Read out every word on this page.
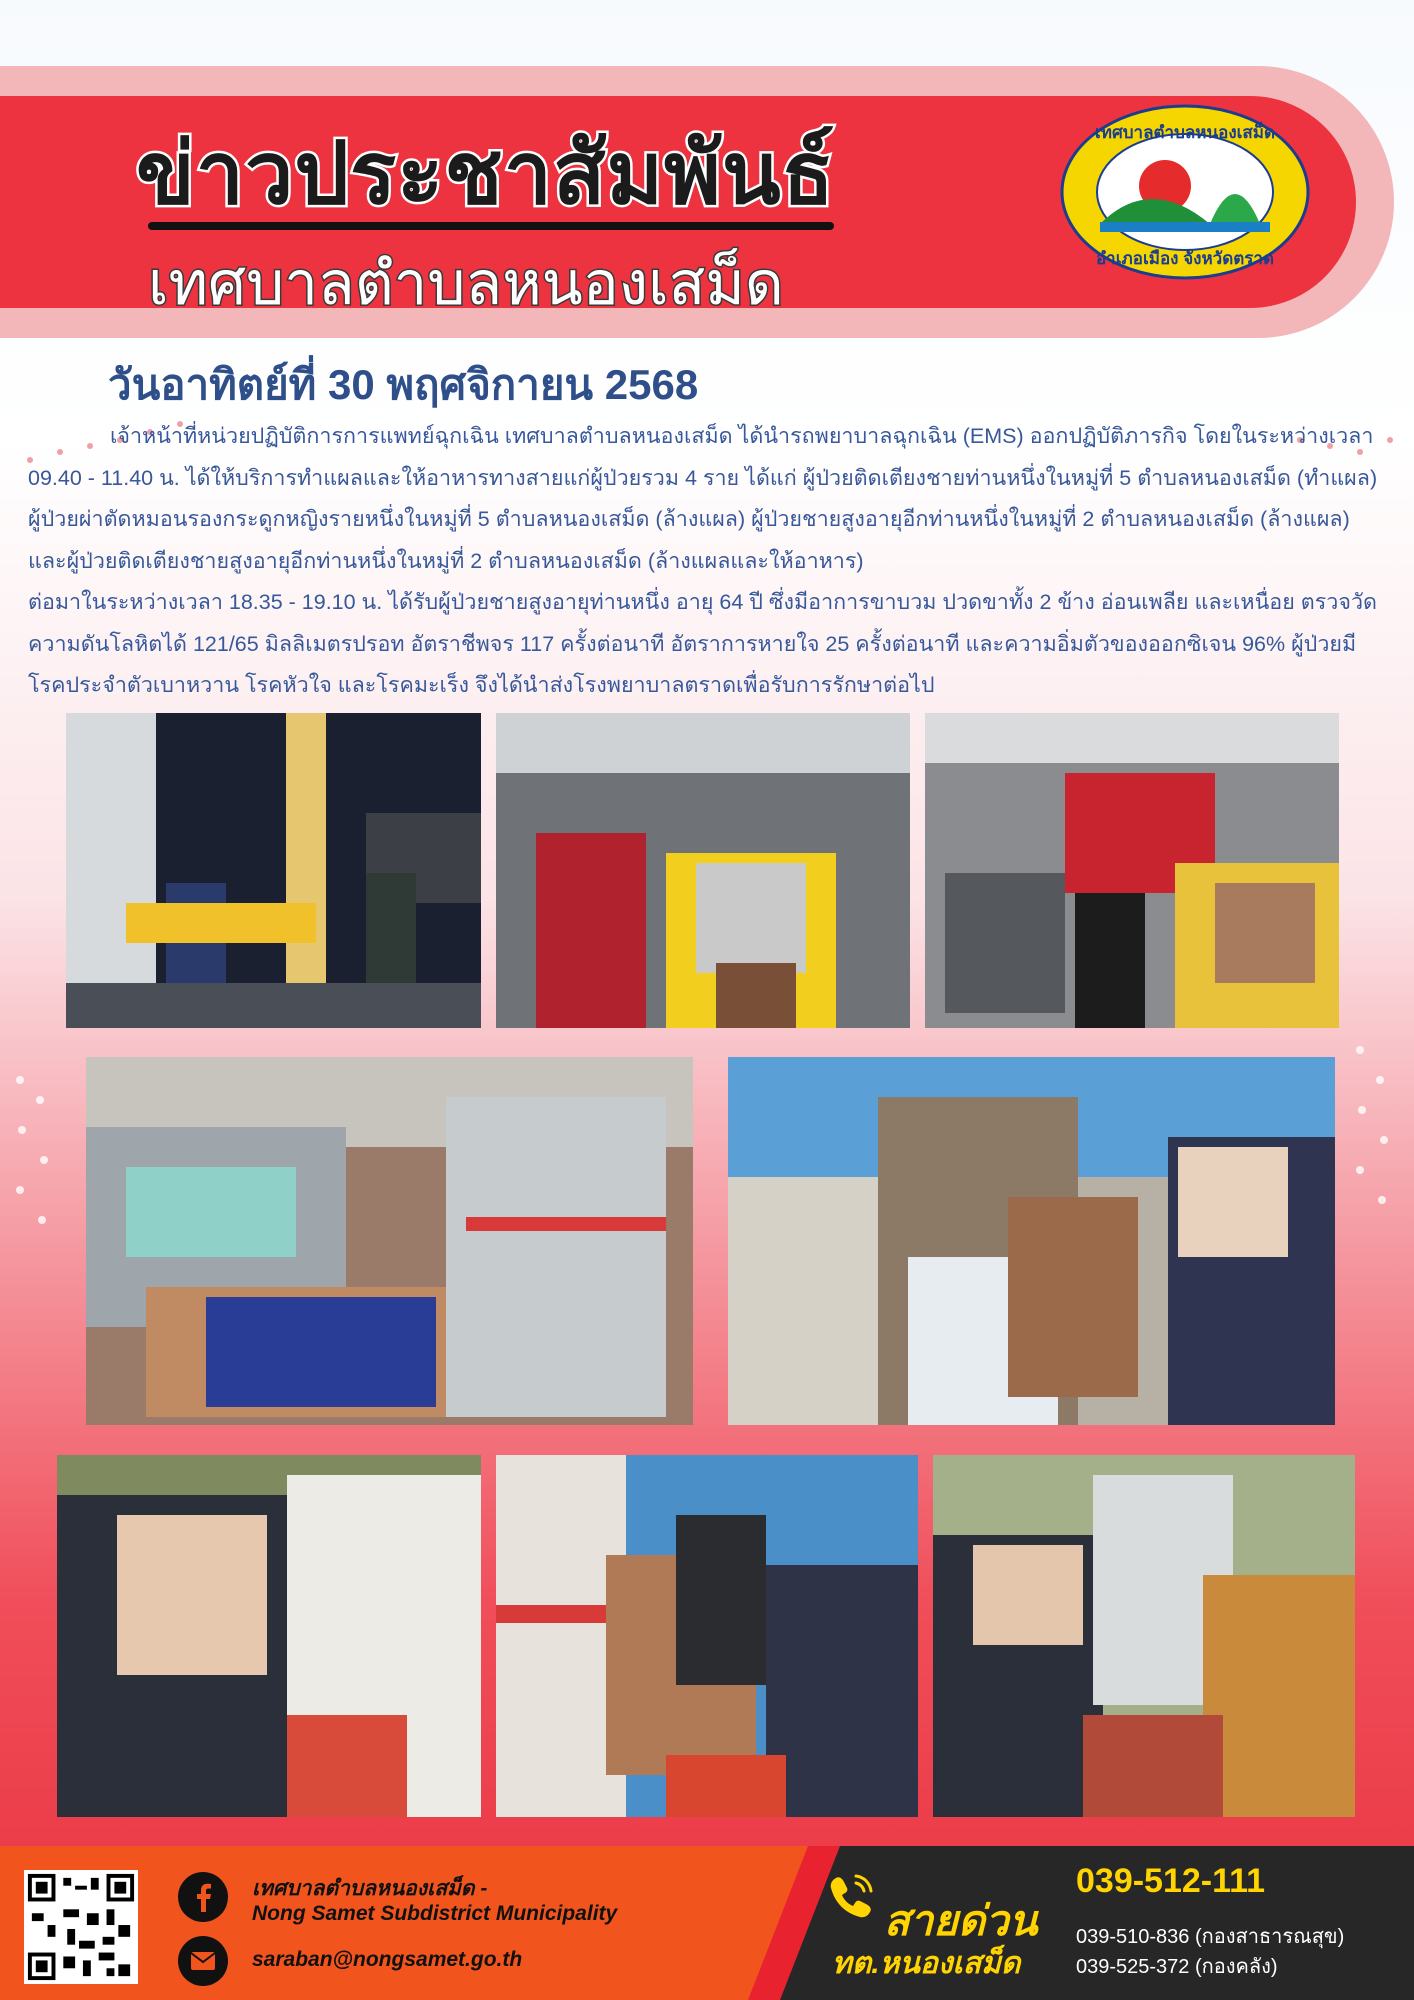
ข่าวประชาสัมพันธ์
เทศบาลตำบลหนองเสม็ด
เทศบาลตำบลหนองเสม็ด
อำเภอเมือง จังหวัดตราด
วันอาทิตย์ที่ 30 พฤศจิกายน 2568

เจ้าหน้าที่หน่วยปฏิบัติการการแพทย์ฉุกเฉิน เทศบาลตำบลหนองเสม็ด ได้นำรถพยาบาลฉุกเฉิน (EMS) ออกปฏิบัติภารกิจ โดยในระหว่างเวลา 09.40 - 11.40 น. ได้ให้บริการทำแผลและให้อาหารทางสายแก่ผู้ป่วยรวม 4 ราย ได้แก่ ผู้ป่วยติดเตียงชายท่านหนึ่งในหมู่ที่ 5 ตำบลหนองเสม็ด (ทำแผล) ผู้ป่วยผ่าตัดหมอนรองกระดูกหญิงรายหนึ่งในหมู่ที่ 5 ตำบลหนองเสม็ด (ล้างแผล) ผู้ป่วยชายสูงอายุอีกท่านหนึ่งในหมู่ที่ 2 ตำบลหนองเสม็ด (ล้างแผล) และผู้ป่วยติดเตียงชายสูงอายุอีกท่านหนึ่งในหมู่ที่ 2 ตำบลหนองเสม็ด (ล้างแผลและให้อาหาร)

ต่อมาในระหว่างเวลา 18.35 - 19.10 น. ได้รับผู้ป่วยชายสูงอายุท่านหนึ่ง อายุ 64 ปี ซึ่งมีอาการขาบวม ปวดขาทั้ง 2 ข้าง อ่อนเพลีย และเหนื่อย ตรวจวัดความดันโลหิตได้ 121/65 มิลลิเมตรปรอท อัตราชีพจร 117 ครั้งต่อนาที อัตราการหายใจ 25 ครั้งต่อนาที และความอิ่มตัวของออกซิเจน 96% ผู้ป่วยมีโรคประจำตัวเบาหวาน โรคหัวใจ และโรคมะเร็ง จึงได้นำส่งโรงพยาบาลตราดเพื่อรับการรักษาต่อไป

เทศบาลตำบลหนองเสม็ด -
Nong Samet Subdistrict Municipality
saraban@nongsamet.go.th
สายด่วน
ทต.หนองเสม็ด
039-512-111
039-510-836 (กองสาธารณสุข)
039-525-372 (กองคลัง)
